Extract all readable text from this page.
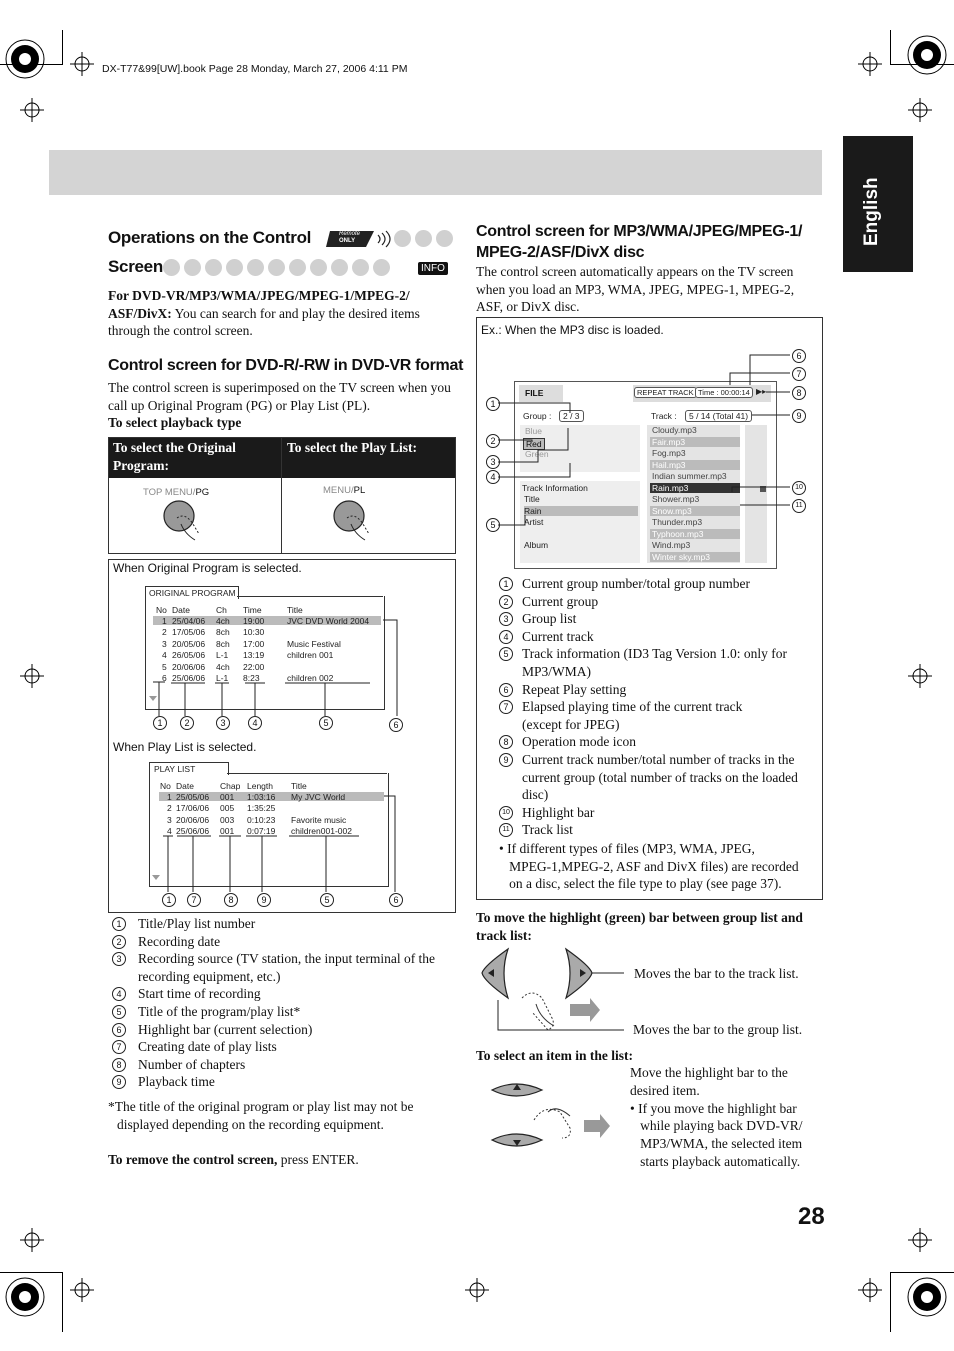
DX-T77&99[UW].book Page 28 Monday, March 27, 2006 4:11 PM
English
Operations on the Control	Remote
ONLY
Screen	INFO
For DVD-VR/MP3/WMA/JPEG/MPEG-1/MPEG-2/ ASF/DivX: You can search for and play the desired items through the control screen.
Control screen for DVD-R/-RW in DVD-VR format
The control screen is superimposed on the TV screen when you call up Original Program (PG) or Play List (PL).
To select playback type
To select the Original Program:
To select the Play List:
TOP MENU/PG	MENU/PL
When Original Program is selected.
ORIGINAL PROGRAM
No Date	Ch Time	Title
1 25/04/06 4ch 19:00	JVC DVD World 2004
2 17/05/06 8ch 10:30
3 20/05/06 8ch 17:00	Music Festival
4 26/05/06 L-1 13:19	children 001
5 20/06/06 4ch 22:00
6 25/06/06 L-1 8:23	children 002
1	2	3	4	5	6
When Play List is selected.
PLAY LIST
No Date	Chap Length Title
1 25/05/06 001 1:03:16 My JVC World
2 17/06/06 005 1:35:25
3 20/06/06 003 0:10:23 Favorite music
4 25/06/06 001 0:07:19 children001-002
1	7	8	9	5	6
1	Title/Play list number
2	Recording date
3	Recording source (TV station, the input terminal of the
recording equipment, etc.)
4	Start time of recording
5	Title of the program/play list*
6	Highlight bar (current selection)
7	Creating date of play lists
8	Number of chapters
9	Playback time
*The title of the original program or play list may not be
displayed depending on the recording equipment.
To remove the control screen, press ENTER.
Control screen for MP3/WMA/JPEG/MPEG-1/ MPEG-2/ASF/DivX disc
The control screen automatically appears on the TV screen when you load an MP3, WMA, JPEG, MPEG-1, MPEG-2, ASF, or DivX disc.
Ex.: When the MP3 disc is loaded.
FILE	REPEAT TRACK Time : 00:00:14 ▶▸
Group :	2 / 3	Track :	5 / 14 (Total 41)
Blue
Red
Green
Title
Rain
Artist
Album
Track Information
Cloudy.mp3
Fair.mp3
Fog.mp3
Hail.mp3
Indian summer.mp3
Rain.mp3
Shower.mp3
Snow.mp3
Thunder.mp3
Typhoon.mp3
Wind.mp3
Winter sky.mp3
1
2
3
4
5
6
7
8
9
10
11
1	Current group number/total group number
2	Current group
3	Group list
4	Current track
5	Track information (ID3 Tag Version 1.0: only for
MP3/WMA)
6	Repeat Play setting
7	Elapsed playing time of the current track
(except for JPEG)
8	Operation mode icon
9	Current track number/total number of tracks in the
current group (total number of tracks on the loaded
disc)
10 Highlight bar
11 Track list
• If different types of files (MP3, WMA, JPEG,
MPEG-1,MPEG-2, ASF and DivX files) are recorded
on a disc, select the file type to play (see page 37).
To move the highlight (green) bar between group list and track list:
Moves the bar to the track list.
Moves the bar to the group list.
To select an item in the list:
Move the highlight bar to the
desired item.
• If you move the highlight bar
while playing back DVD-VR/
MP3/WMA, the selected item
starts playback automatically.
28
